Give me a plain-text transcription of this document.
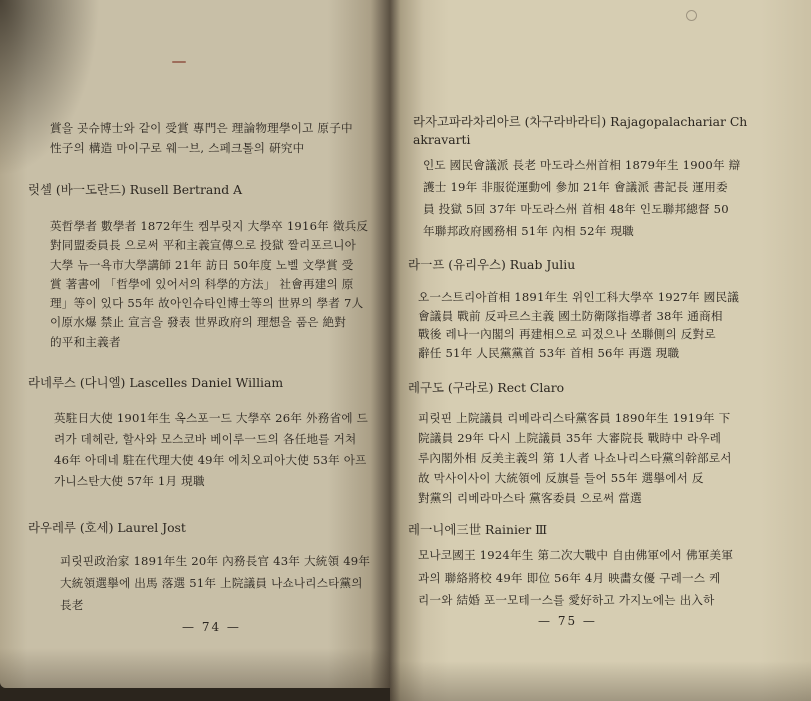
賞을 곳슈博士와 같이 受賞 專門은 理論物理學이고 原子中
性子의 構造 마이구로 웨一브, 스페크톨의 硏究中
럿셀 (바一도란드) Rusell Bertrand A
英哲學者 數學者 1872年生 켐부릿지 大學卒 1916年 徵兵反
對同盟委員長 으로써 平和主義宣傳으로 投獄 짤리포르니아
大學 뉴一욕市大學講師 21年 訪日 50年度 노벨 文學賞 受
賞 著書에 「哲學에 있어서의 科學的方法」 社會再建의 原
理」等이 있다 55年 故아인슈타인博士等의 世界의 學者 7人
이原水爆 禁止 宣言을 發表 世界政府의 理想을 품은 絶對
的平和主義者
라네루스 (다니엘) Lascelles Daniel William
英駐日大使 1901年生 옥스포一드 大學卒 26年 外務省에 드
려가 데헤란, 할사와 모스코바 베이루一드의 各任地를 거쳐
46年 아데네 駐在代理大使 49年 에치오피아大使 53年 아프
가니스탄大使 57年 1月 現職
라우레루 (호세) Laurel Jost
피릿핀政治家 1891年生 20年 內務長官 43年 大統領 49年
大統領選擧에 出馬 落選 51年 上院議員 나쇼나리스타黨의
長老
— 74 —
라자고파라차리아르 (차구라바라티) Rajagopalachariar Ch
akravarti
인도 國民會議派 長老 마도라스州首相 1879年生 1900年 辯
護士 19年 非服從運動에 參加 21年 會議派 書記長 運用委
員 投獄 5回 37年 마도라스州 首相 48年 인도聯邦總督 50
年聯邦政府國務相 51年 內相 52年 現職
라一프 (유리우스) Ruab Juliu
오一스트리아首相 1891年生 위인工科大學卒 1927年 國民議
會議員 戰前 反파르스主義 國土防衛隊指導者 38年 通商相
戰後 레나一內閣의 再建相으로 피젔으나 쏘聯側의 反對로
辭任 51年 人民黨黨首 53年 首相 56年 再選 現職
레구도 (구라로) Rect Claro
피릿핀 上院議員 리베라리스타黨客員 1890年生 1919年 下
院議員 29年 다시 上院議員 35年 大審院長 戰時中 라우레
루內閣外相 反美主義의 第 1人者 나쇼나리스타黨의幹部로서
故 막사이사이 大統領에 反旗를 들어 55年 選擧에서 反
對黨의 리베라마스타 黨客委員 으로써 當選
레一니에三世 Rainier Ⅲ
모나코國王 1924年生 第二次大戰中 自由佛軍에서 佛軍美軍
과의 聯絡將校 49年 即位 56年 4月 映畵女優 구레一스 케
리一와 結婚 포一모테一스를 愛好하고 가지노에는 出入하
— 75 —
